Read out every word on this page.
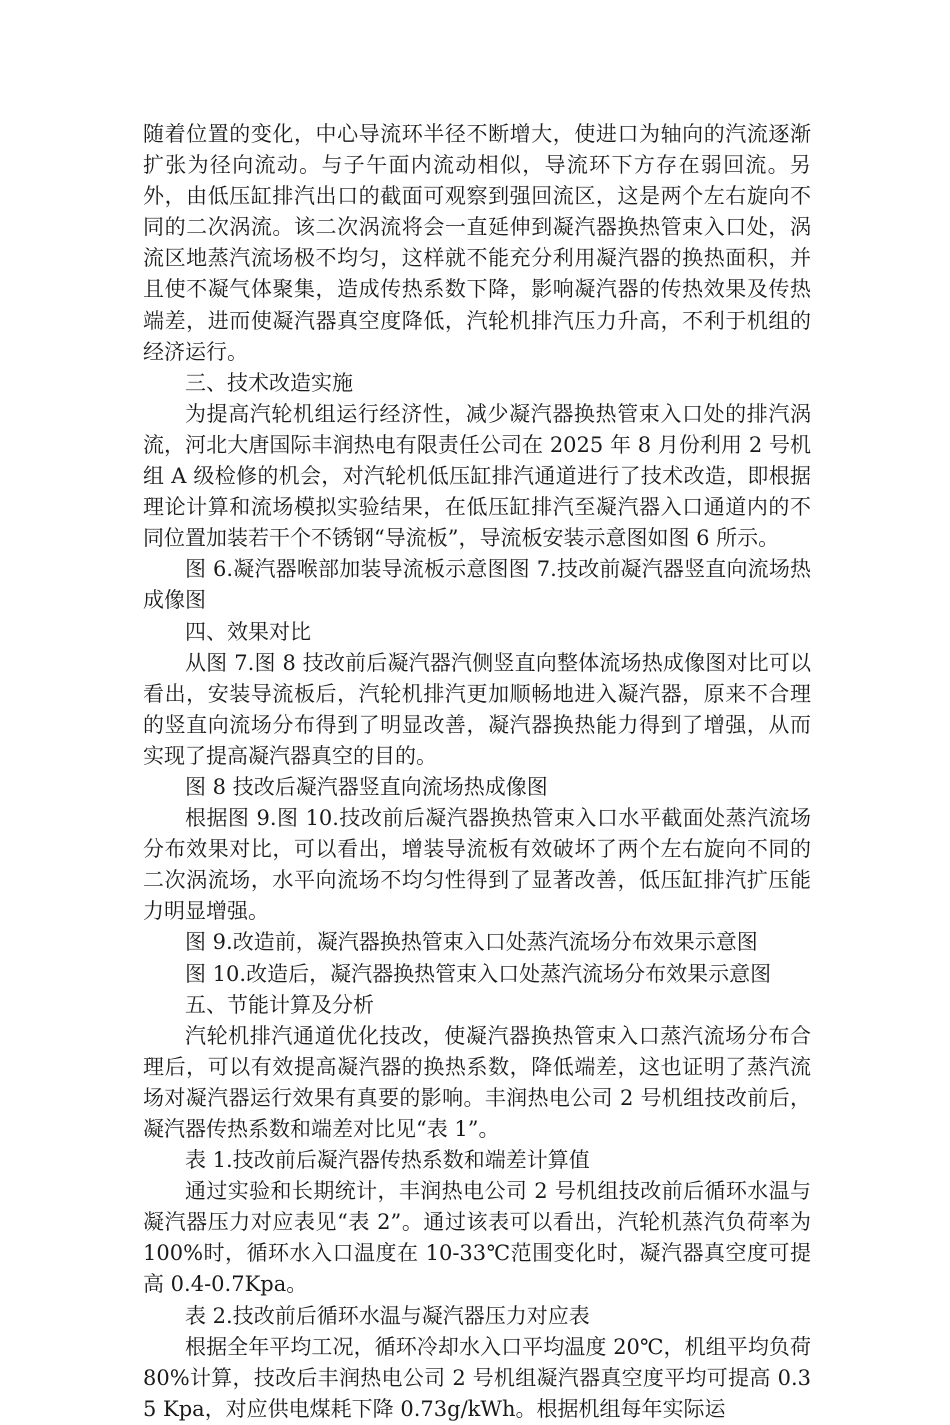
随着位置的变化，中心导流环半径不断增大，使进口为轴向的汽流逐渐扩张为径向流动。与子午面内流动相似，导流环下方存在弱回流。另外，由低压缸排汽出口的截面可观察到强回流区，这是两个左右旋向不同的二次涡流。该二次涡流将会一直延伸到凝汽器换热管束入口处，涡流区地蒸汽流场极不均匀，这样就不能充分利用凝汽器的换热面积，并且使不凝气体聚集，造成传热系数下降，影响凝汽器的传热效果及传热端差，进而使凝汽器真空度降低，汽轮机排汽压力升高，不利于机组的经济运行。

三、技术改造实施

为提高汽轮机组运行经济性，减少凝汽器换热管束入口处的排汽涡流，河北大唐国际丰润热电有限责任公司在 2025 年 8 月份利用 2 号机组 A 级检修的机会，对汽轮机低压缸排汽通道进行了技术改造，即根据理论计算和流场模拟实验结果，在低压缸排汽至凝汽器入口通道内的不同位置加装若干个不锈钢“导流板”，导流板安装示意图如图 6 所示。

图 6.凝汽器喉部加装导流板示意图图 7.技改前凝汽器竖直向流场热成像图

四、效果对比

从图 7.图 8 技改前后凝汽器汽侧竖直向整体流场热成像图对比可以看出，安装导流板后，汽轮机排汽更加顺畅地进入凝汽器，原来不合理的竖直向流场分布得到了明显改善，凝汽器换热能力得到了增强，从而实现了提高凝汽器真空的目的。

图 8 技改后凝汽器竖直向流场热成像图

根据图 9.图 10.技改前后凝汽器换热管束入口水平截面处蒸汽流场分布效果对比，可以看出，增装导流板有效破坏了两个左右旋向不同的二次涡流场，水平向流场不均匀性得到了显著改善，低压缸排汽扩压能力明显增强。

图 9.改造前，凝汽器换热管束入口处蒸汽流场分布效果示意图

图 10.改造后，凝汽器换热管束入口处蒸汽流场分布效果示意图

五、节能计算及分析

汽轮机排汽通道优化技改，使凝汽器换热管束入口蒸汽流场分布合理后，可以有效提高凝汽器的换热系数，降低端差，这也证明了蒸汽流场对凝汽器运行效果有真要的影响。丰润热电公司 2 号机组技改前后，凝汽器传热系数和端差对比见“表 1”。

表 1.技改前后凝汽器传热系数和端差计算值

通过实验和长期统计，丰润热电公司 2 号机组技改前后循环水温与凝汽器压力对应表见“表 2”。通过该表可以看出，汽轮机蒸汽负荷率为 100%时，循环水入口温度在 10-33℃范围变化时，凝汽器真空度可提高 0.4-0.7Kpa。

表 2.技改前后循环水温与凝汽器压力对应表

根据全年平均工况，循环冷却水入口平均温度 20℃，机组平均负荷 80%计算，技改后丰润热电公司 2 号机组凝汽器真空度平均可提高 0.35 Kpa，对应供电煤耗下降 0.73g/kWh。根据机组每年实际运
